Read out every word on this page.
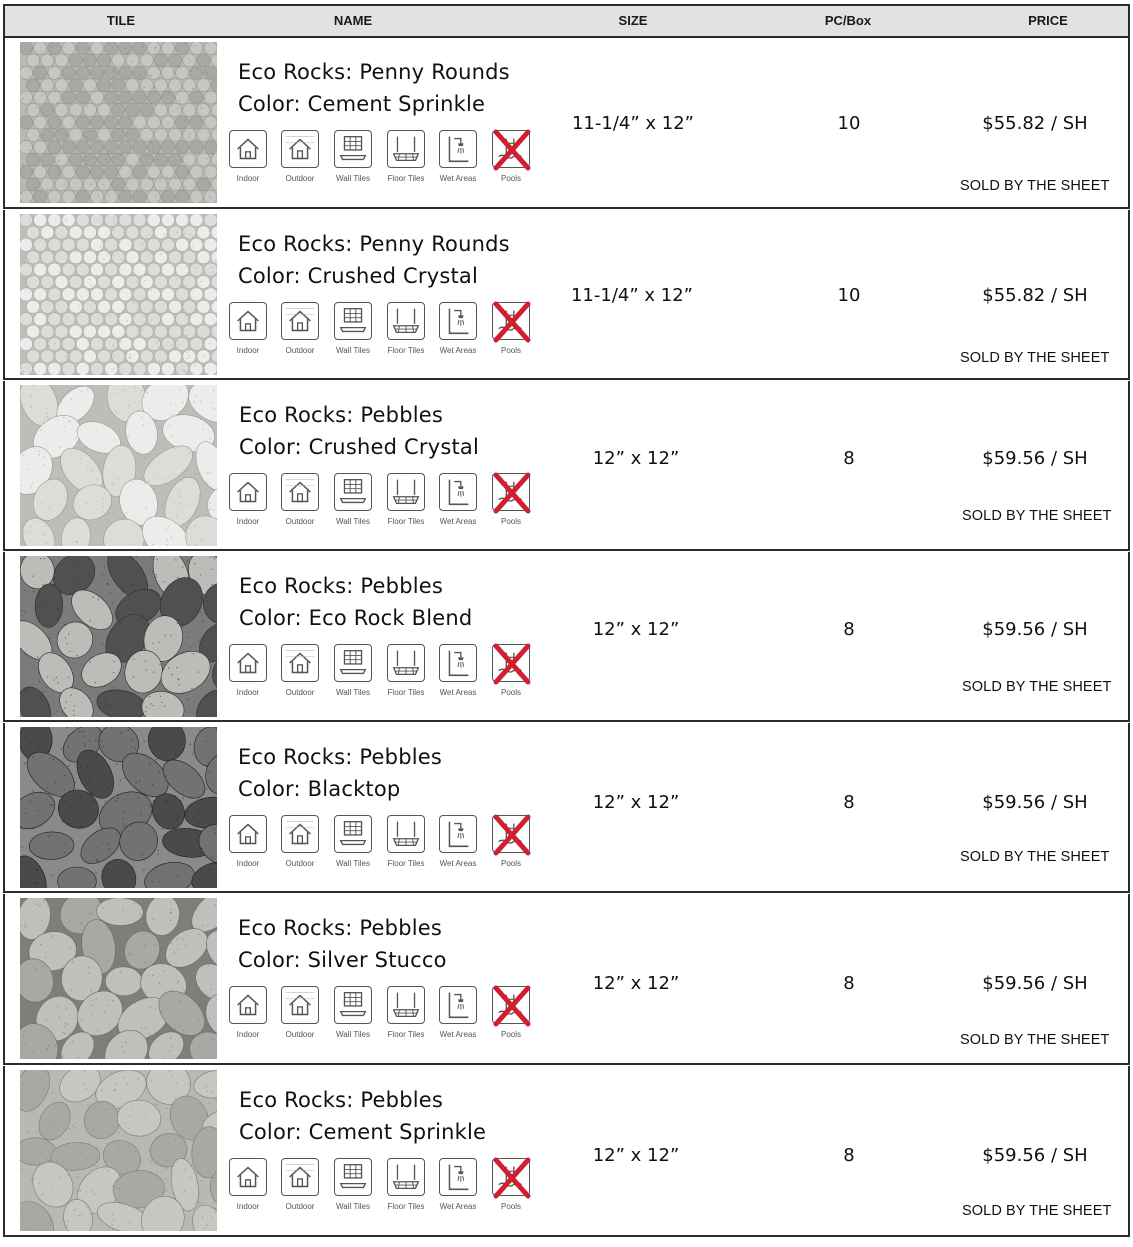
TILE	NAME	SIZE	PC/Box	PRICE
Eco Rocks: Penny Rounds
Color: Cement Sprinkle
Indoor	Outdoor	Wall Tiles	Floor Tiles	Wet Areas	Pools
11-1/4” x 12”	10	$55.82 / SH
SOLD BY THE SHEET
Eco Rocks: Penny Rounds
Color: Crushed Crystal
Indoor	Outdoor	Wall Tiles	Floor Tiles	Wet Areas	Pools
11-1/4” x 12”	10	$55.82 / SH
SOLD BY THE SHEET
Eco Rocks: Pebbles
Color: Crushed Crystal
Indoor	Outdoor	Wall Tiles	Floor Tiles	Wet Areas	Pools
12” x 12”	8	$59.56 / SH
SOLD BY THE SHEET
Eco Rocks: Pebbles
Color: Eco Rock Blend
Indoor	Outdoor	Wall Tiles	Floor Tiles	Wet Areas	Pools
12” x 12”	8	$59.56 / SH
SOLD BY THE SHEET
Eco Rocks: Pebbles
Color: Blacktop
Indoor	Outdoor	Wall Tiles	Floor Tiles	Wet Areas	Pools
12” x 12”	8	$59.56 / SH
SOLD BY THE SHEET
Eco Rocks: Pebbles
Color: Silver Stucco
Indoor	Outdoor	Wall Tiles	Floor Tiles	Wet Areas	Pools
12” x 12”	8	$59.56 / SH
SOLD BY THE SHEET
Eco Rocks: Pebbles
Color: Cement Sprinkle
Indoor	Outdoor	Wall Tiles	Floor Tiles	Wet Areas	Pools
12” x 12”	8	$59.56 / SH
SOLD BY THE SHEET
